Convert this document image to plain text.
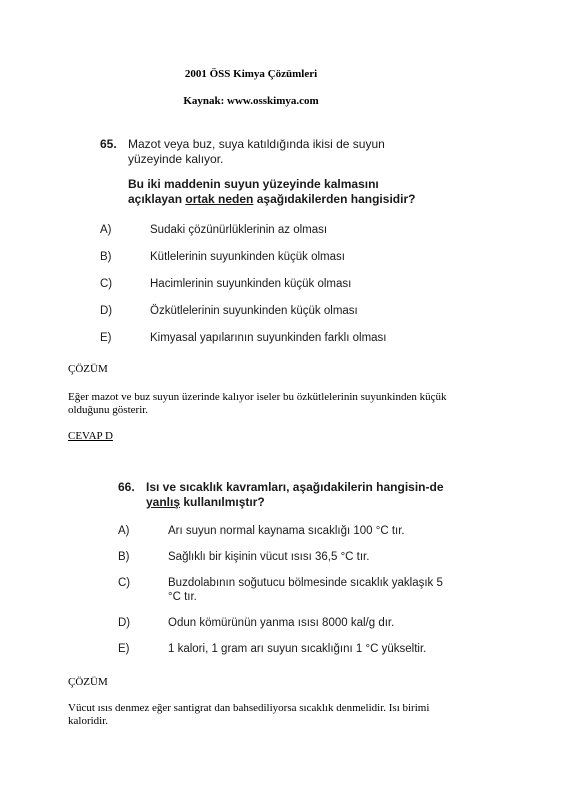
2001 ÖSS Kimya Çözümleri
Kaynak: www.osskimya.com
65. Mazot veya buz, suya katıldığında ikisi de suyun yüzeyinde kalıyor.
Bu iki maddenin suyun yüzeyinde kalmasını açıklayan ortak neden aşağıdakilerden hangisidir?
A)	Sudaki çözünürlüklerinin az olması
B)	Kütlelerinin suyunkinden küçük olması
C)	Hacimlerinin suyunkinden küçük olması
D)	Özkütlelerinin suyunkinden küçük olması
E)	Kimyasal yapılarının suyunkinden farklı olması
ÇÖZÜM
Eğer mazot ve buz suyun üzerinde kalıyor iseler bu özkütlelerinin suyunkinden küçük olduğunu gösterir.
CEVAP D
66. Isı ve sıcaklık kavramları, aşağıdakilerin hangisin-de yanlış kullanılmıştır?
A)	Arı suyun normal kaynama sıcaklığı 100 °C tır.
B)	Sağlıklı bir kişinin vücut ısısı 36,5 °C tır.
C)	Buzdolabının soğutucu bölmesinde sıcaklık yaklaşık 5 °C tır.
D)	Odun kömürünün yanma ısısı 8000 kal/g dır.
E)	1 kalori, 1 gram arı suyun sıcaklığını 1 °C yükseltir.
ÇÖZÜM
Vücut ısıs denmez eğer santigrat dan bahsediliyorsa sıcaklık denmelidir. Isı birimi kaloridir.
